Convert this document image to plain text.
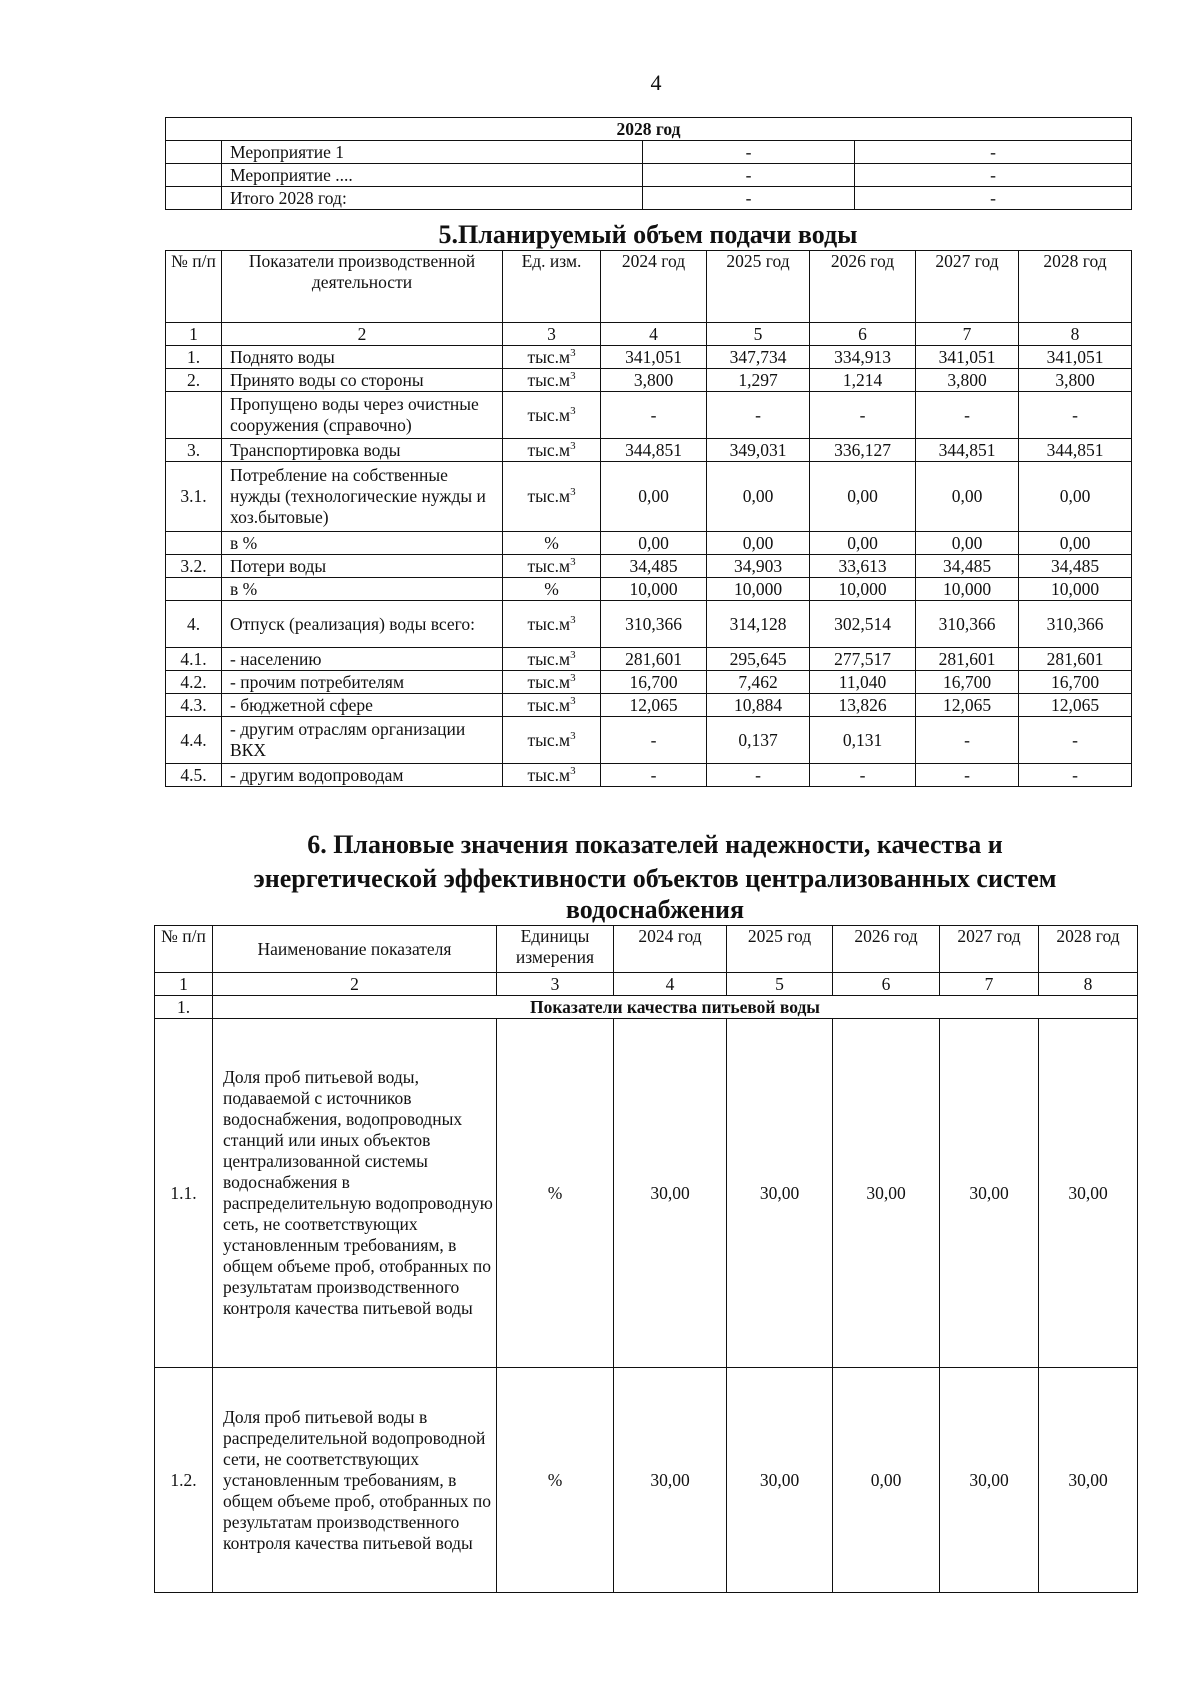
4
2028 год			
	Мероприятие 1	-	-
	Мероприятие ....	-	-
	Итого 2028 год:	-	-
5.Планируемый объем подачи воды
№ п/п	Показатели производственной деятельности	Ед. изм.	2024 год	2025 год	2026 год	2027 год	2028 год
1	2	3	4	5	6	7	8
1.	Поднято воды	$тыс.м^3$	341,051	347,734	334,913	341,051	341,051
2.	Принято воды со стороны	$тыс.м^3$	3,800	1,297	1,214	3,800	3,800
	Пропущено воды через очистные сооружения (справочно)	$тыс.м^3$	-	-	-	-	-
3.	Транспортировка воды	$тыс.м^3$	344,851	349,031	336,127	344,851	344,851
3.1.	Потребление на собственные нужды (технологические нужды и хоз.бытовые)	$тыс.м^3$	0,00	0,00	0,00	0,00	0,00
	в %	%	0,00	0,00	0,00	0,00	0,00
3.2.	Потери воды	$тыс.м^3$	34,485	34,903	33,613	34,485	34,485
	в %	%	10,000	10,000	10,000	10,000	10,000
4.	Отпуск (реализация) воды всего:	$тыс.м^3$	310,366	314,128	302,514	310,366	310,366
4.1.	- населению	$тыс.м^3$	281,601	295,645	277,517	281,601	281,601
4.2.	- прочим потребителям	$тыс.м^3$	16,700	7,462	11,040	16,700	16,700
4.3.	- бюджетной сфере	$тыс.м^3$	12,065	10,884	13,826	12,065	12,065
4.4.	- другим отраслям организации ВКХ	$тыс.м^3$	-	0,137	0,131	-	-
4.5.	- другим водопроводам	$тыс.м^3$	-	-	-	-	-
6. Плановые значения показателей надежности, качества и
энергетической эффективности объектов централизованных систем
водоснабжения
№ п/п	Наименование показателя	Единицы измерения	2024 год	2025 год	2026 год	2027 год	2028 год
1	2	3	4	5	6	7	8
1.	Показатели качества питьевой воды						
1.1.	Доля проб питьевой воды, подаваемой с источников водоснабжения, водопроводных станций или иных объектов централизованной системы водоснабжения в распределительную водопроводную сеть, не соответствующих установленным требованиям, в общем объеме проб, отобранных по результатам производственного контроля качества питьевой воды	%	30,00	30,00	30,00	30,00	30,00
1.2.	Доля проб питьевой воды в распределительной водопроводной сети, не соответствующих установленным требованиям, в общем объеме проб, отобранных по результатам производственного контроля качества питьевой воды	%	30,00	30,00	0,00	30,00	30,00
